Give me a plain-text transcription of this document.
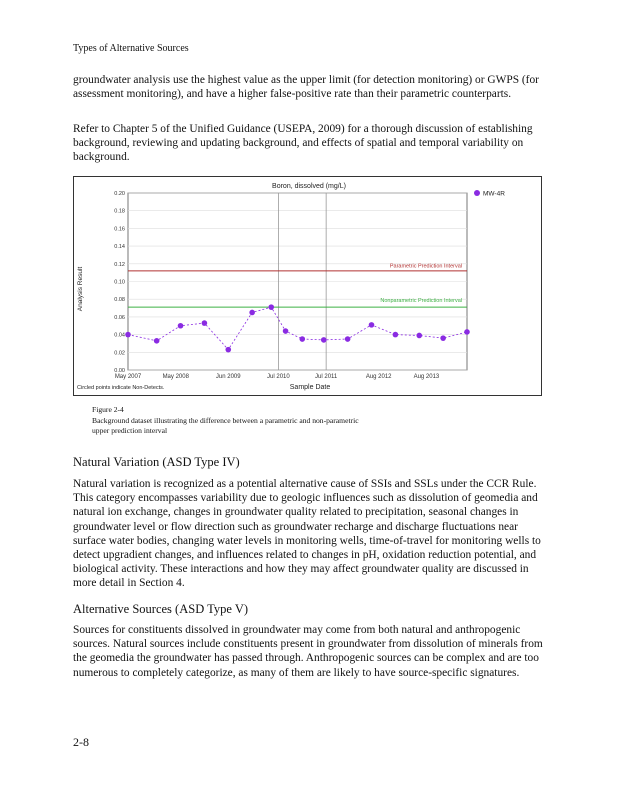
Types of Alternative Sources

groundwater analysis use the highest value as the upper limit (for detection monitoring) or GWPS (for assessment monitoring), and have a higher false-positive rate than their parametric counterparts.

Refer to Chapter 5 of the Unified Guidance (USEPA, 2009) for a thorough discussion of establishing background, reviewing and updating background, and effects of spatial and temporal variability on background.

Parametric Prediction Interval
Nonparametric Prediction Interval
0.00
0.02
0.04
0.06
0.08
0.10
0.12
0.14
0.16
0.18
0.20
May 2007	May 2008	Jun 2009	Jul 2010	Jul 2011	Aug 2012	Aug 2013
Boron, dissolved (mg/L)
MW-4R
Analysis Result
Sample Date
Circled points indicate Non-Detects.
Figure 2-4
Background dataset illustrating the difference between a parametric and non-parametric
upper prediction interval
Natural Variation (ASD Type IV)

Natural variation is recognized as a potential alternative cause of SSIs and SSLs under the CCR Rule. This category encompasses variability due to geologic influences such as dissolution of geomedia and natural ion exchange, changes in groundwater quality related to precipitation, seasonal changes in groundwater level or flow direction such as groundwater recharge and discharge fluctuations near surface water bodies, changing water levels in monitoring wells, time-of-travel for monitoring wells to detect upgradient changes, and influences related to changes in pH, oxidation reduction potential, and biological activity. These interactions and how they may affect groundwater quality are discussed in more detail in Section 4.

Alternative Sources (ASD Type V)

Sources for constituents dissolved in groundwater may come from both natural and anthropogenic sources. Natural sources include constituents present in groundwater from dissolution of minerals from the geomedia the groundwater has passed through. Anthropogenic sources can be complex and are too numerous to completely categorize, as many of them are likely to have source-specific signatures.

2-8
